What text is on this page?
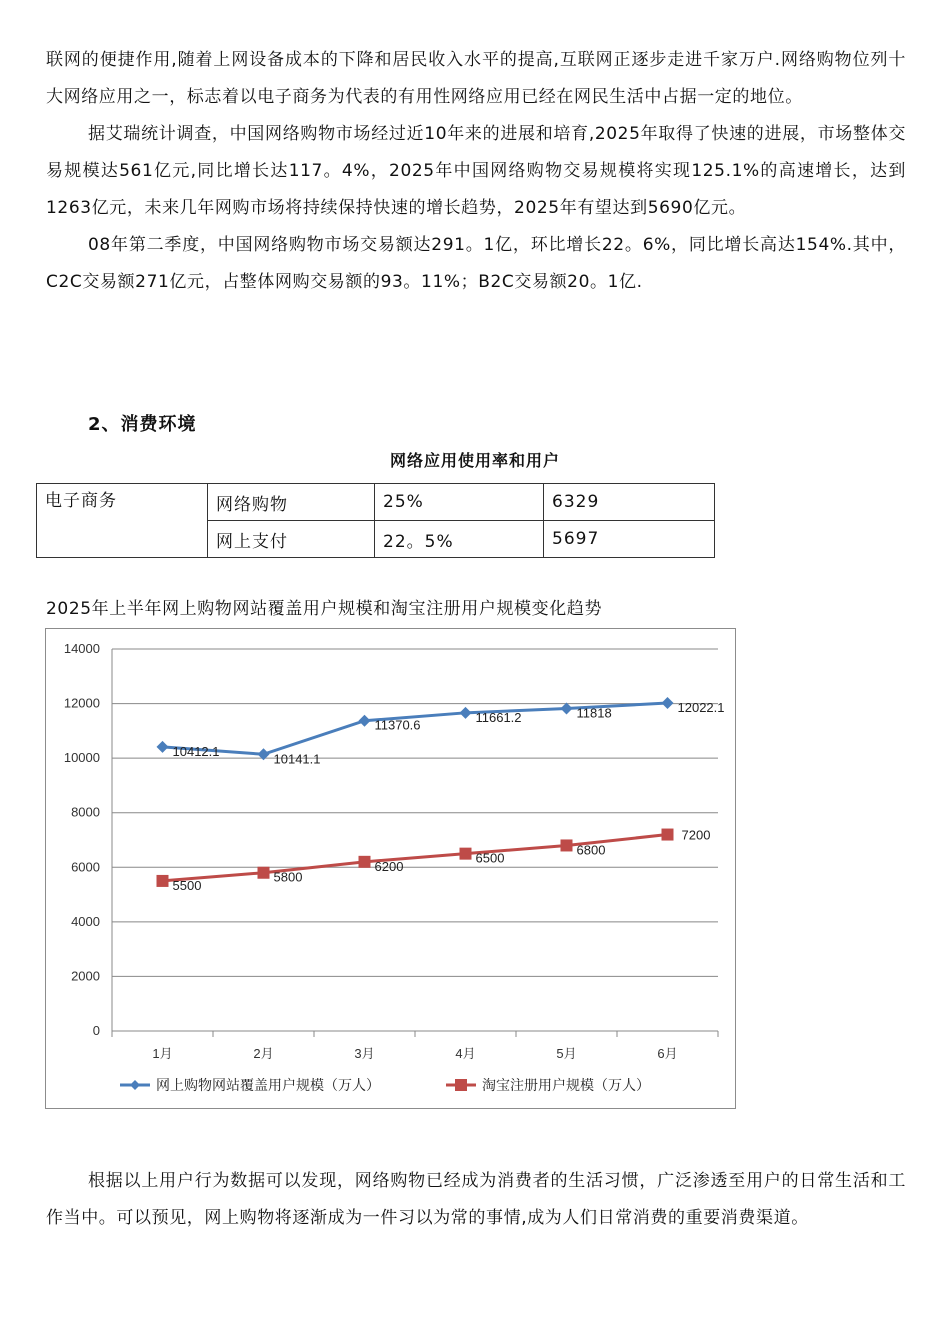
联网的便捷作用,随着上网设备成本的下降和居民收入水平的提高,互联网正逐步走进千家万户.网络购物位列十大网络应用之一，标志着以电子商务为代表的有用性网络应用已经在网民生活中占据一定的地位。

据艾瑞统计调查，中国网络购物市场经过近10年来的进展和培育,2025年取得了快速的进展，市场整体交易规模达561亿元,同比增长达117。4%，2025年中国网络购物交易规模将实现125.1%的高速增长，达到1263亿元，未来几年网购市场将持续保持快速的增长趋势，2025年有望达到5690亿元。

08年第二季度，中国网络购物市场交易额达291。1亿，环比增长22。6%，同比增长高达154%.其中，C2C交易额271亿元，占整体网购交易额的93。11%；B2C交易额20。1亿.

2、消费环境
网络应用使用率和用户
电子商务	网络购物	25%	6329
	网上支付	22。5%	5697
2025年上半年网上购物网站覆盖用户规模和淘宝注册用户规模变化趋势
0
2000
4000
6000
8000
10000
12000
14000
1月	2月	3月	4月	5月	6月
10412.1	10141.1
11370.6
11661.2	11818	12022.1
5500
5800
6200
6500
6800
7200
网上购物网站覆盖用户规模（万人）	淘宝注册用户规模（万人）
根据以上用户行为数据可以发现，网络购物已经成为消费者的生活习惯，广泛渗透至用户的日常生活和工作当中。可以预见，网上购物将逐渐成为一件习以为常的事情,成为人们日常消费的重要消费渠道。
